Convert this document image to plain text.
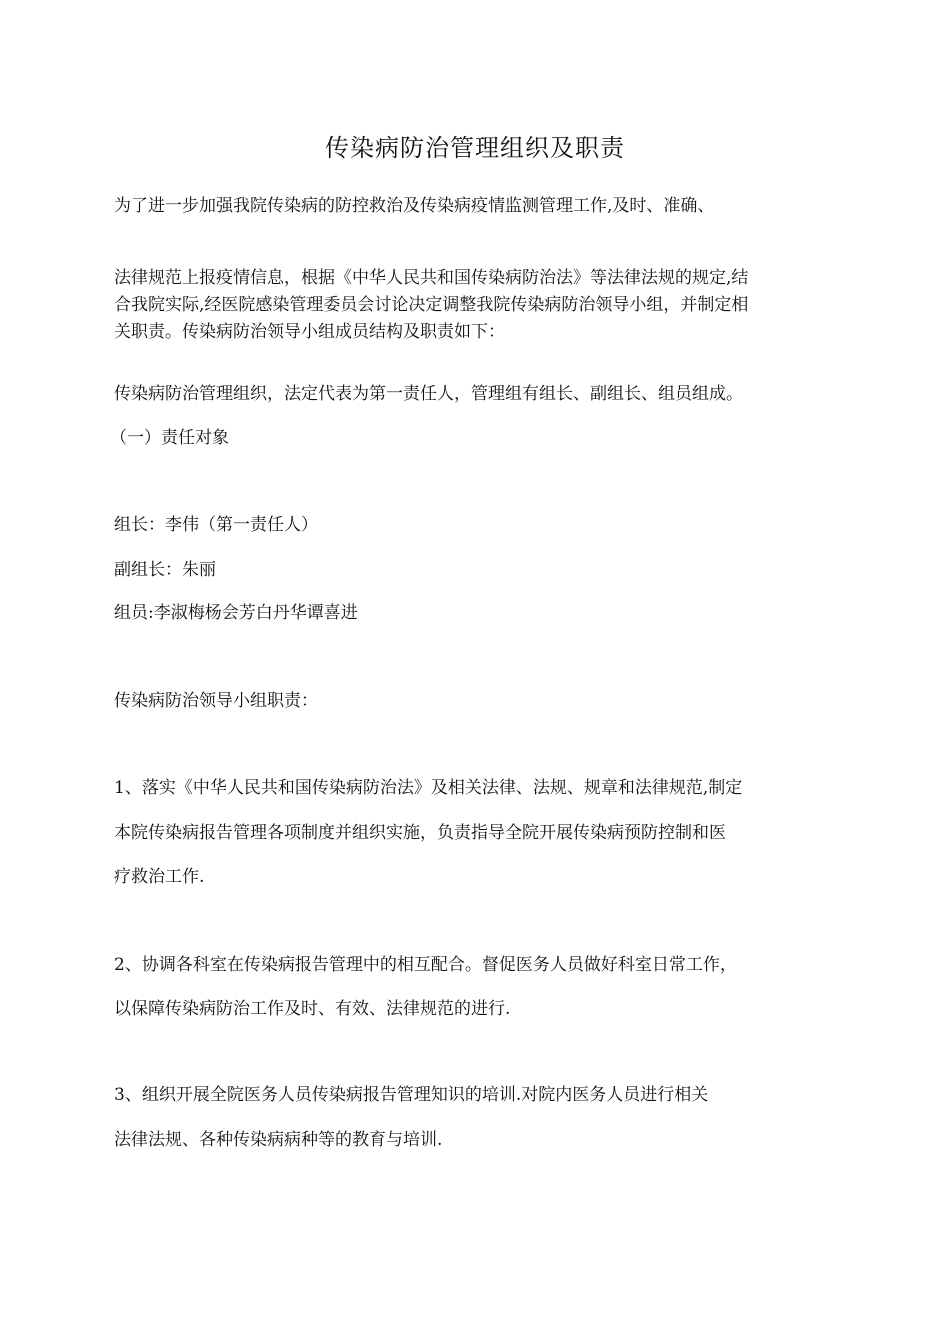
传染病防治管理组织及职责
为了进一步加强我院传染病的防控救治及传染病疫情监测管理工作,及时、准确、
法律规范上报疫情信息，根据《中华人民共和国传染病防治法》等法律法规的规定,结
合我院实际,经医院感染管理委员会讨论决定调整我院传染病防治领导小组，并制定相
关职责。传染病防治领导小组成员结构及职责如下：
传染病防治管理组织，法定代表为第一责任人，管理组有组长、副组长、组员组成。
（一）责任对象
组长：李伟（第一责任人）
副组长：朱丽
组员:李淑梅杨会芳白丹华谭喜进
传染病防治领导小组职责：
1、落实《中华人民共和国传染病防治法》及相关法律、法规、规章和法律规范,制定
本院传染病报告管理各项制度并组织实施，负责指导全院开展传染病预防控制和医
疗救治工作.
2、协调各科室在传染病报告管理中的相互配合。督促医务人员做好科室日常工作，
以保障传染病防治工作及时、有效、法律规范的进行.
3、组织开展全院医务人员传染病报告管理知识的培训.对院内医务人员进行相关
法律法规、各种传染病病种等的教育与培训.
